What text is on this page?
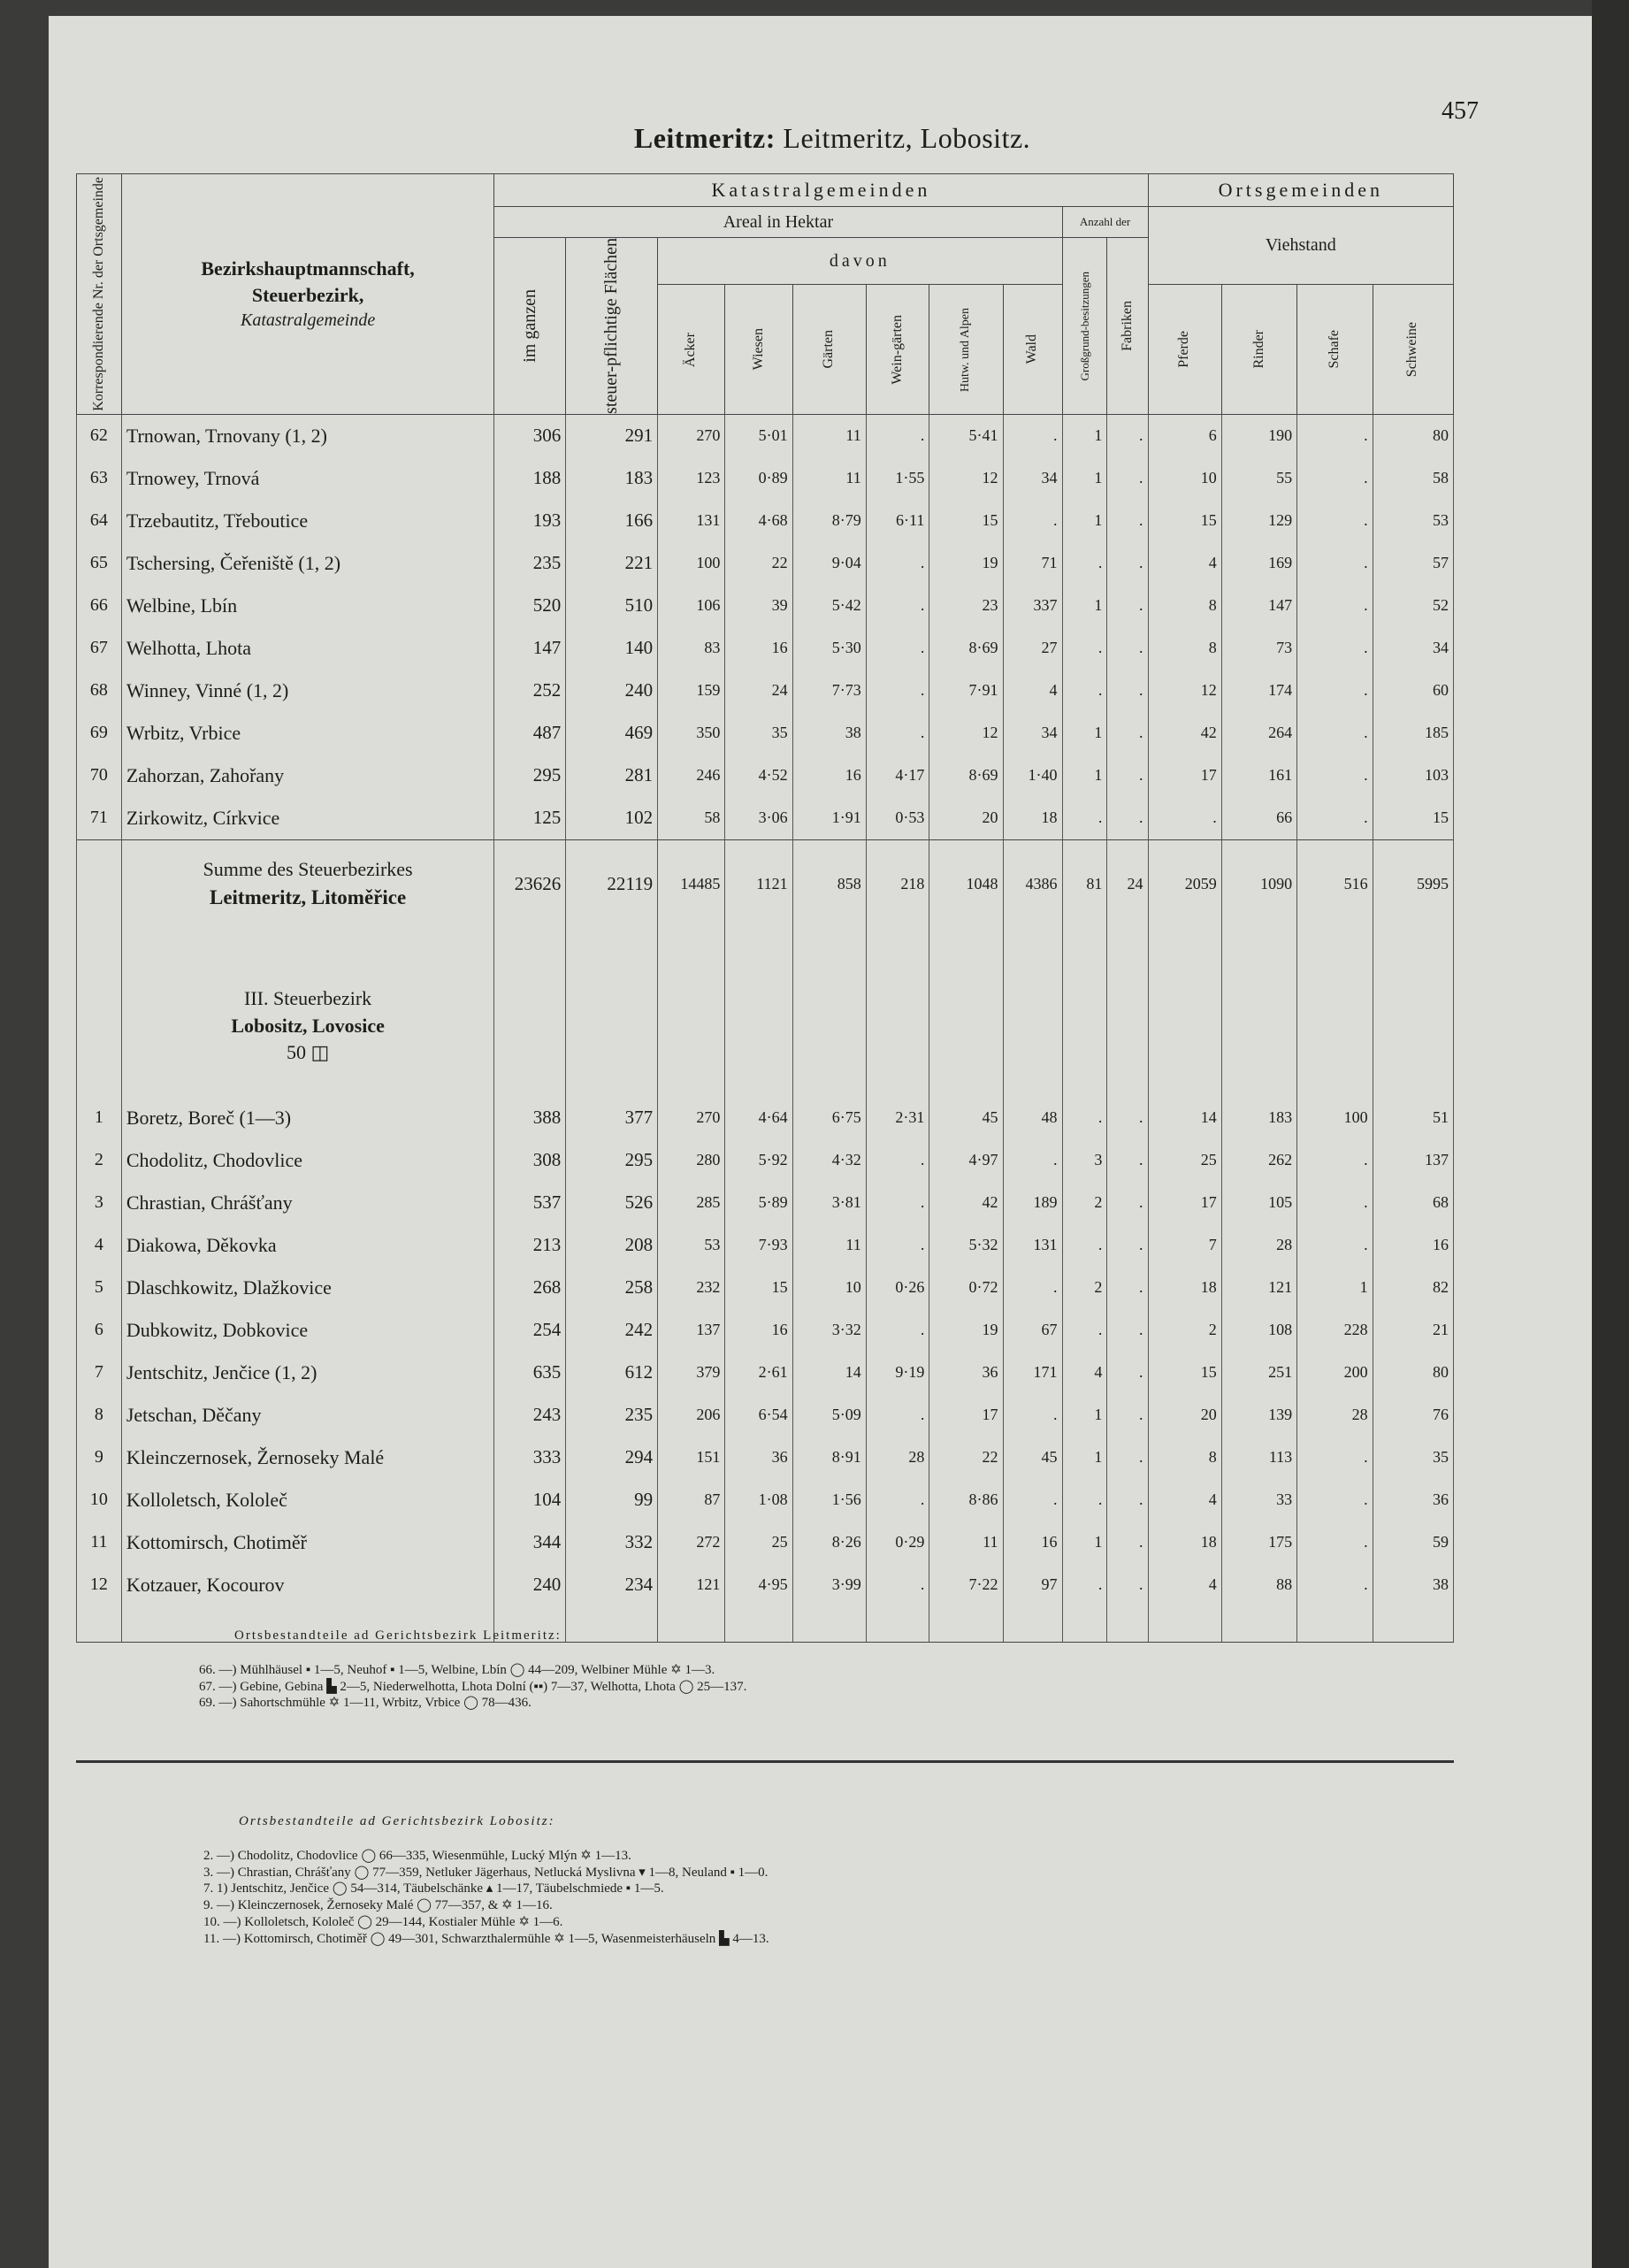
457
Leitmeritz: Leitmeritz, Lobositz.
Korrespondierende Nr. der Ortsgemeinde	Bezirkshauptmannschaft,
Steuerbezirk,
Katastralgemeinde	Katastralgemeinden										Ortsgemeinden			
		Areal in Hektar								Anzahl der		Viehstand			

		im ganzen	steuer-pflichtige Flächen	davon						Großgrund-besitzungen	Fabriken				

				Äcker	Wiesen	Gärten	Wein-gärten	Hutw. und Alpen	Wald			Pferde	Rinder	Schafe	Schweine

62	Trnowan, Trnovany (1, 2)	306	291	270	5·01	11	.	5·41	.	1	.	6	190	.	80
63	Trnowey, Trnová	188	183	123	0·89	11	1·55	12	34	1	.	10	55	.	58
64	Trzebautitz, Třeboutice	193	166	131	4·68	8·79	6·11	15	.	1	.	15	129	.	53
65	Tschersing, Čeřeniště (1, 2)	235	221	100	22	9·04	.	19	71	.	.	4	169	.	57
66	Welbine, Lbín	520	510	106	39	5·42	.	23	337	1	.	8	147	.	52
67	Welhotta, Lhota	147	140	83	16	5·30	.	8·69	27	.	.	8	73	.	34
68	Winney, Vinné (1, 2)	252	240	159	24	7·73	.	7·91	4	.	.	12	174	.	60
69	Wrbitz, Vrbice	487	469	350	35	38	.	12	34	1	.	42	264	.	185
70	Zahorzan, Zahořany	295	281	246	4·52	16	4·17	8·69	1·40	1	.	17	161	.	103
71	Zirkowitz, Církvice	125	102	58	3·06	1·91	0·53	20	18	.	.	.	66	.	15

	Summe des Steuerbezirkes
Leitmeritz, Litoměřice	23626	22119	14485	1121	858	218	1048	4386	81	24	2059	1090	516	5995

	III. Steuerbezirk
Lobositz, Lovosice
50 ◫														

1	Boretz, Boreč (1—3)	388	377	270	4·64	6·75	2·31	45	48	.	.	14	183	100	51
2	Chodolitz, Chodovlice	308	295	280	5·92	4·32	.	4·97	.	3	.	25	262	.	137
3	Chrastian, Chrášťany	537	526	285	5·89	3·81	.	42	189	2	.	17	105	.	68
4	Diakowa, Děkovka	213	208	53	7·93	11	.	5·32	131	.	.	7	28	.	16
5	Dlaschkowitz, Dlažkovice	268	258	232	15	10	0·26	0·72	.	2	.	18	121	1	82
6	Dubkowitz, Dobkovice	254	242	137	16	3·32	.	19	67	.	.	2	108	228	21
7	Jentschitz, Jenčice (1, 2)	635	612	379	2·61	14	9·19	36	171	4	.	15	251	200	80
8	Jetschan, Děčany	243	235	206	6·54	5·09	.	17	.	1	.	20	139	28	76
9	Kleinczernosek, Žernoseky Malé	333	294	151	36	8·91	28	22	45	1	.	8	113	.	35
10	Kolloletsch, Kololeč	104	99	87	1·08	1·56	.	8·86	.	.	.	4	33	.	36
11	Kottomirsch, Chotiměř	344	332	272	25	8·26	0·29	11	16	1	.	18	175	.	59
12	Kotzauer, Kocourov	240	234	121	4·95	3·99	.	7·22	97	.	.	4	88	.	38

Ortsbestandteile ad Gerichtsbezirk Leitmeritz:
66. —) Mühlhäusel ▪ 1—5, Neuhof ▪ 1—5, Welbine, Lbín ◯ 44—209, Welbiner Mühle ✡ 1—3.
67. —) Gebine, Gebina ▙ 2—5, Niederwelhotta, Lhota Dolní (▪▪) 7—37, Welhotta, Lhota ◯ 25—137.
69. —) Sahortschmühle ✡ 1—11, Wrbitz, Vrbice ◯ 78—436.
Ortsbestandteile ad Gerichtsbezirk Lobositz:
2. —) Chodolitz, Chodovlice ◯ 66—335, Wiesenmühle, Lucký Mlýn ✡ 1—13.
3. —) Chrastian, Chrášťany ◯ 77—359, Netluker Jägerhaus, Netlucká Myslivna ▾ 1—8, Neuland ▪ 1—0.
7. 1) Jentschitz, Jenčice ◯ 54—314, Täubelschänke ▴ 1—17, Täubelschmiede ▪ 1—5.
9. —) Kleinczernosek, Žernoseky Malé ◯ 77—357, & ✡ 1—16.
10. —) Kolloletsch, Kololeč ◯ 29—144, Kostialer Mühle ✡ 1—6.
11. —) Kottomirsch, Chotiměř ◯ 49—301, Schwarzthalermühle ✡ 1—5, Wasenmeisterhäuseln ▙ 4—13.
